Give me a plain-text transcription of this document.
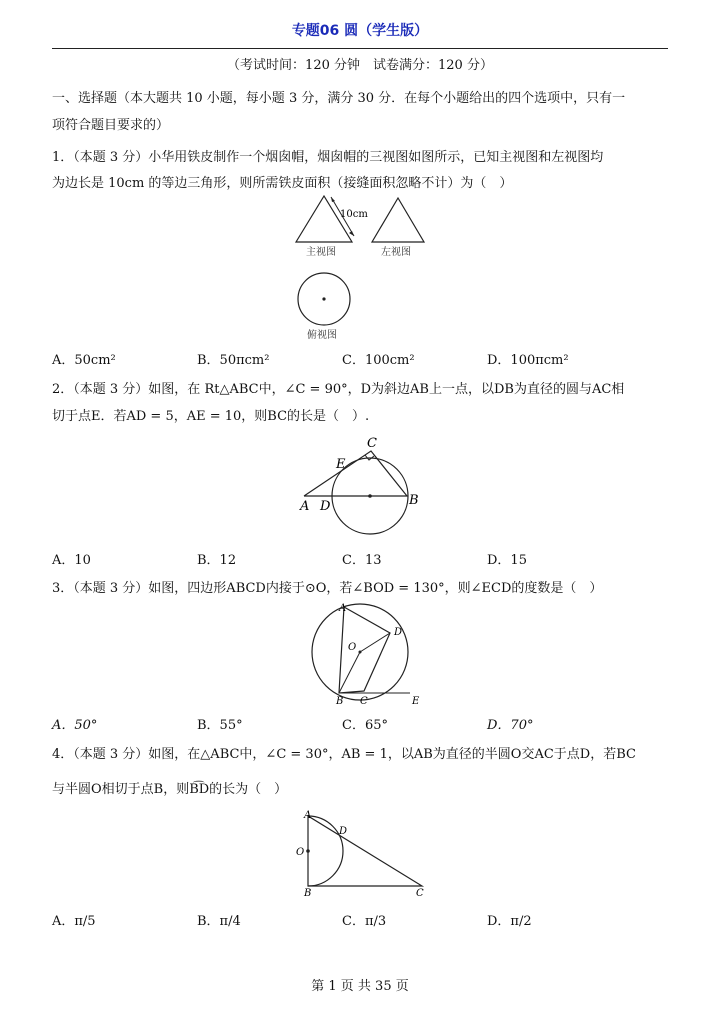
专题06 圆（学生版）
（考试时间：120 分钟　试卷满分：120 分）
一、选择题（本大题共 10 小题，每小题 3 分，满分 30 分．在每个小题给出的四个选项中，只有一
项符合题目要求的）
1．（本题 3 分）小华用铁皮制作一个烟囱帽，烟囱帽的三视图如图所示，已知主视图和左视图均
为边长是 10cm 的等边三角形，则所需铁皮面积（接缝面积忽略不计）为（　）
10cm
主视图	左视图
俯视图
A．50cm²	B．50πcm²	C．100cm²	D．100πcm²
2．（本题 3 分）如图，在 Rt△ABC中，∠C = 90°，D为斜边AB上一点，以DB为直径的圆与AC相
切于点E．若AD = 5，AE = 10，则BC的长是（　）.
C
E
A D	B
A．10	B．12	C．13	D．15
3．（本题 3 分）如图，四边形ABCD内接于⊙O，若∠BOD = 130°，则∠ECD的度数是（　）
A
D
O
B C	E
A．50°	B．55°	C．65°	D．70°
4．（本题 3 分）如图，在△ABC中，∠C = 30°，AB = 1，以AB为直径的半圆O交AC于点D，若BC
与半圆O相切于点B，则B͡D的长为（　）
A
D
O
B	C
A．π/5	B．π/4	C．π/3	D．π/2
第 1 页 共 35 页
